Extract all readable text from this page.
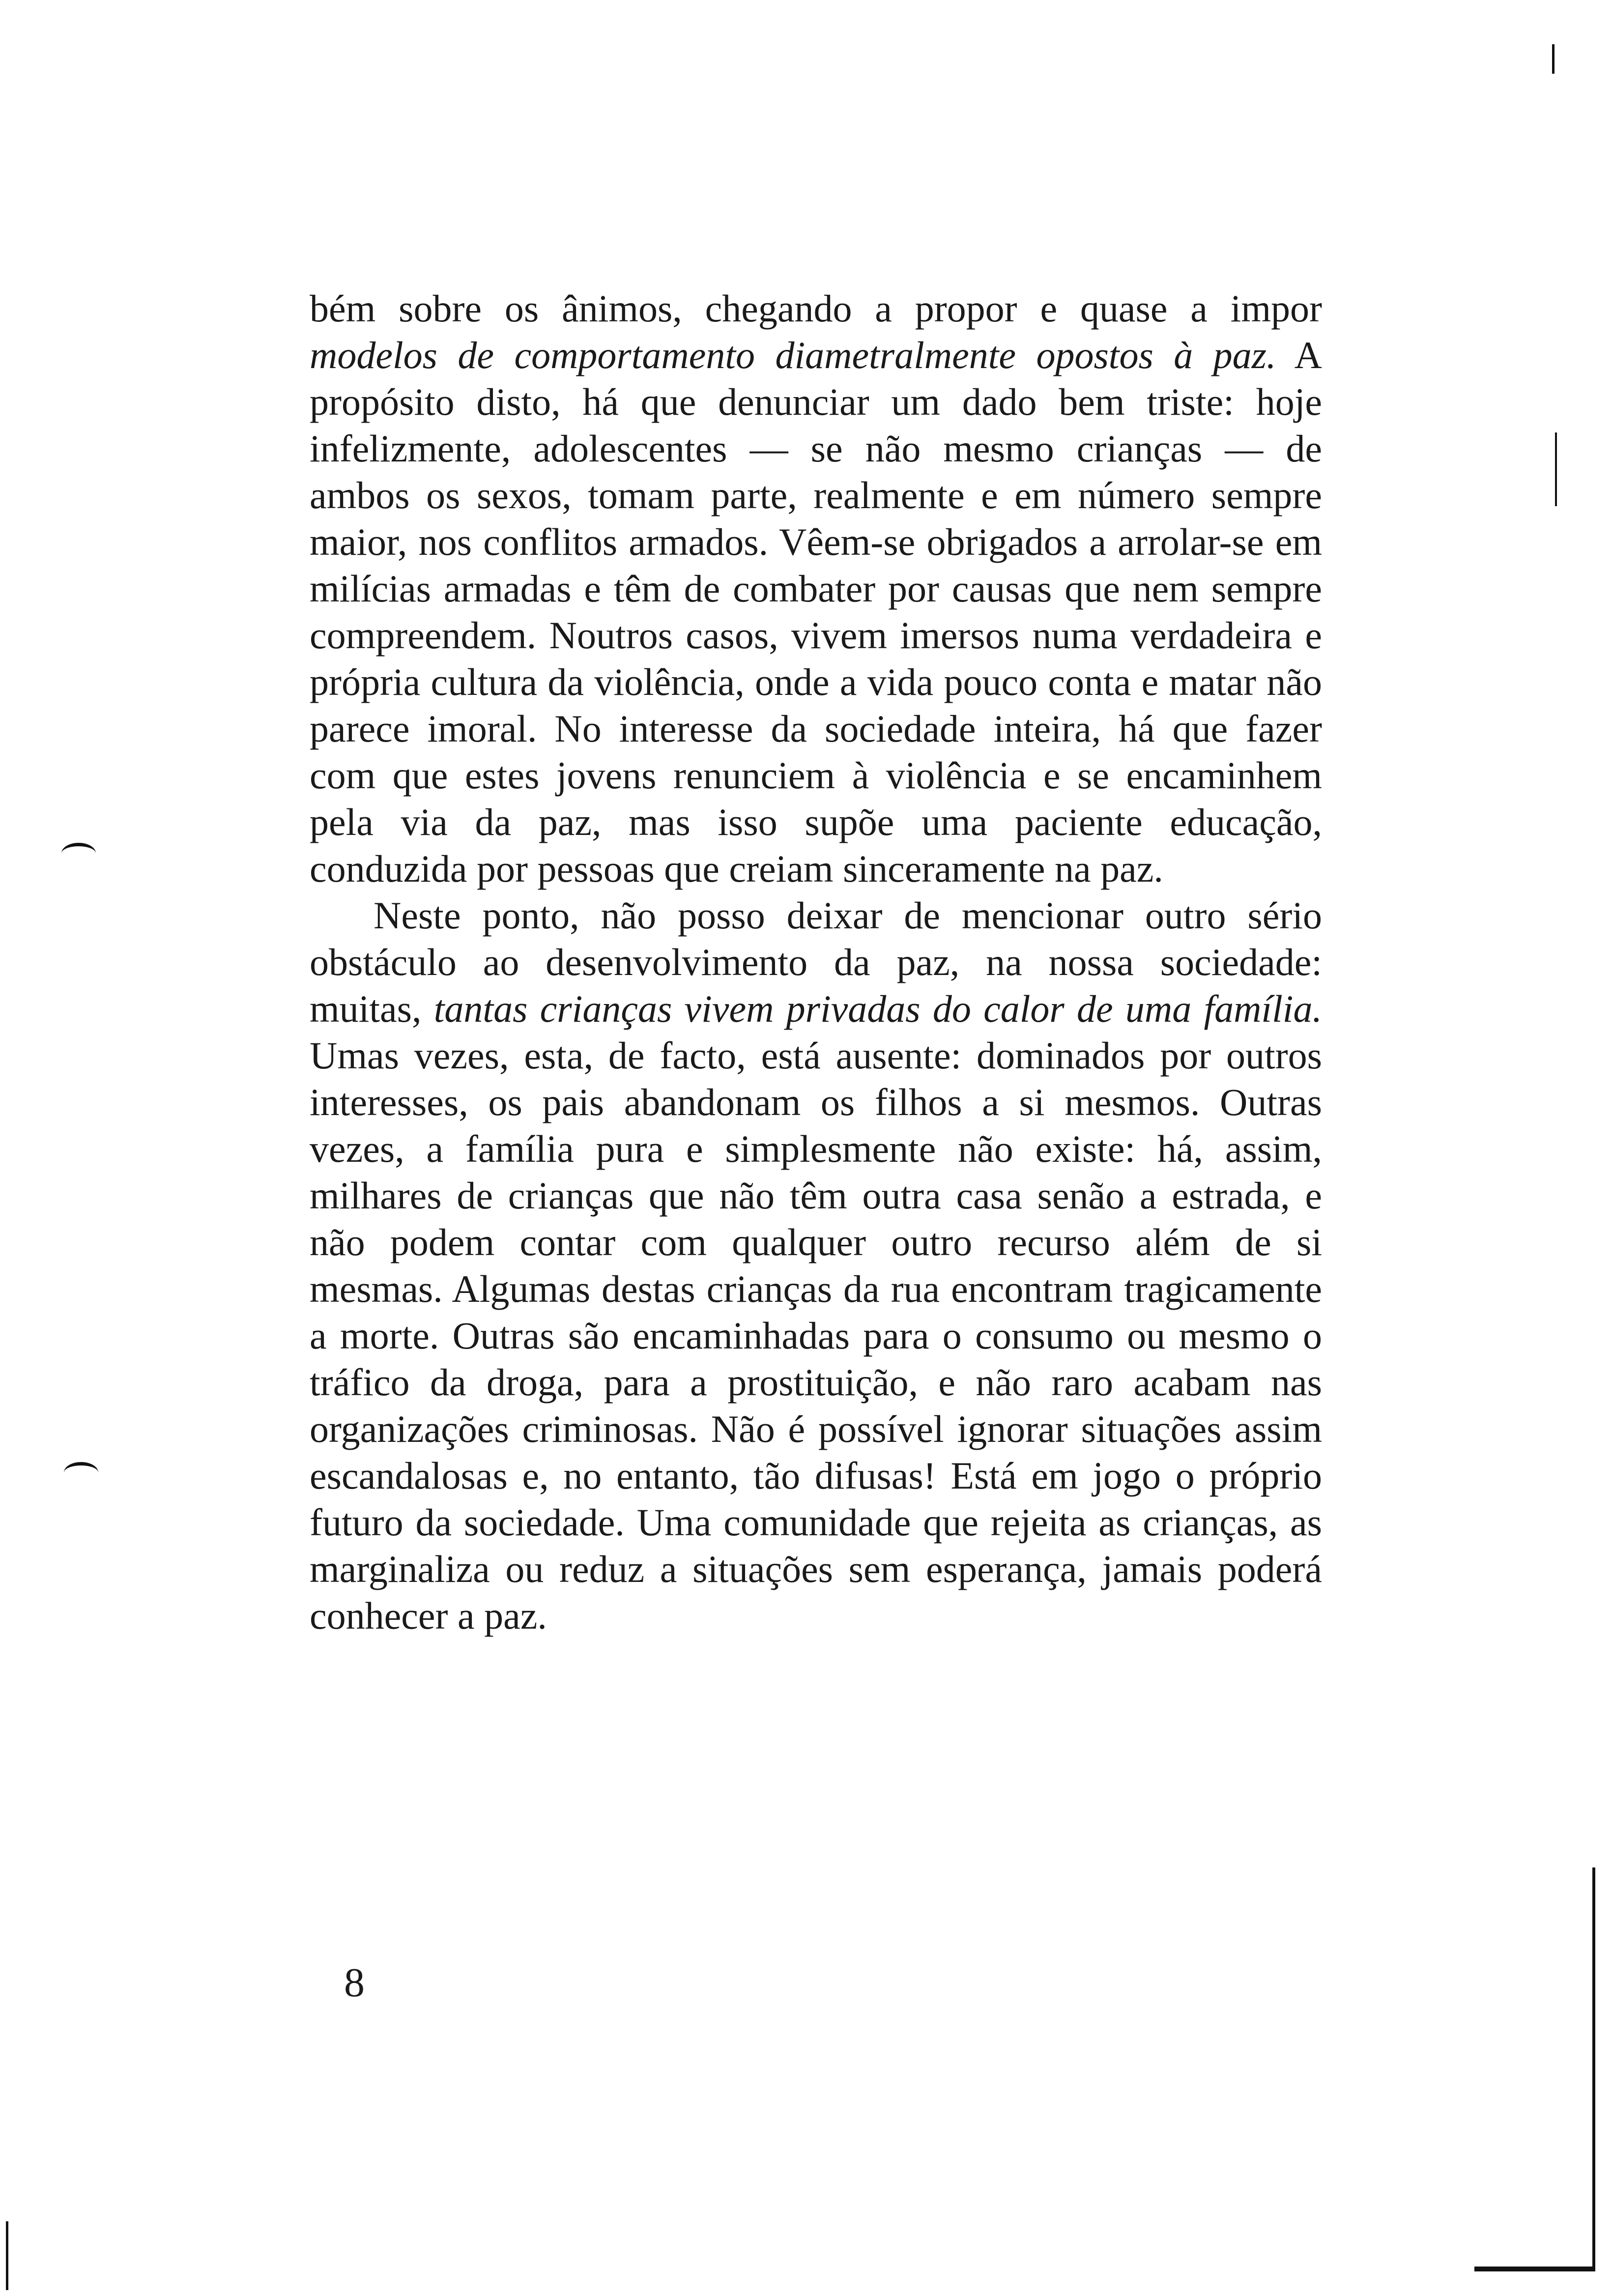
bém sobre os ânimos, chegando a propor e quase a impor modelos de comportamento diametralmente opostos à paz. A propósito disto, há que denunciar um dado bem triste: hoje infelizmente, adolescentes — se não mesmo crianças — de ambos os sexos, tomam parte, realmente e em número sempre maior, nos conflitos armados. Vêem-se obrigados a arrolar-se em milícias armadas e têm de combater por causas que nem sempre compreendem. Noutros casos, vivem imersos numa verdadeira e própria cultura da violência, onde a vida pouco conta e matar não parece imoral. No interesse da sociedade inteira, há que fazer com que estes jovens renunciem à violência e se encaminhem pela via da paz, mas isso supõe uma paciente educação, conduzida por pessoas que creiam sinceramente na paz.

Neste ponto, não posso deixar de mencionar outro sério obstáculo ao desenvolvimento da paz, na nossa sociedade: muitas, tantas crianças vivem privadas do calor de uma família. Umas vezes, esta, de facto, está ausente: dominados por outros interesses, os pais abandonam os filhos a si mesmos. Outras vezes, a família pura e simplesmente não existe: há, assim, milhares de crianças que não têm outra casa senão a estrada, e não podem contar com qualquer outro recurso além de si mesmas. Algumas destas crianças da rua encontram tragicamente a morte. Outras são encaminhadas para o consumo ou mesmo o tráfico da droga, para a prostituição, e não raro acabam nas organizações criminosas. Não é possível ignorar situações assim escandalosas e, no entanto, tão difusas! Está em jogo o próprio futuro da sociedade. Uma comunidade que rejeita as crianças, as marginaliza ou reduz a situações sem esperança, jamais poderá conhecer a paz.

8
